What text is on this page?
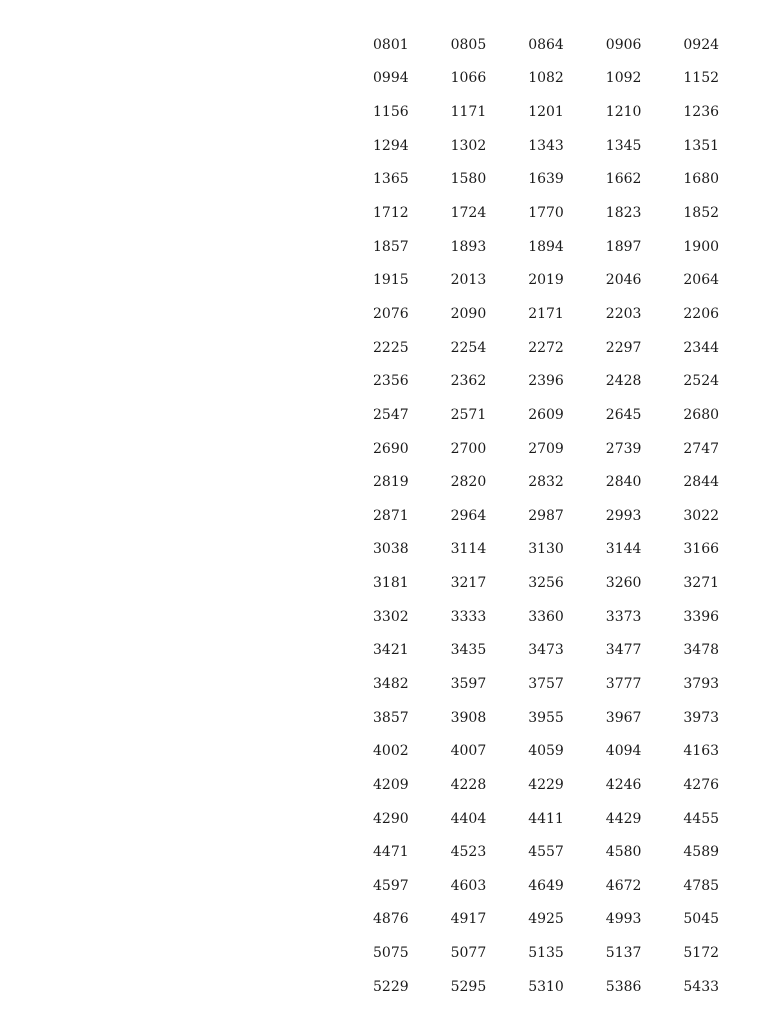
0801	0805	0864	0906	0924
0994	1066	1082	1092	1152
1156	1171	1201	1210	1236
1294	1302	1343	1345	1351
1365	1580	1639	1662	1680
1712	1724	1770	1823	1852
1857	1893	1894	1897	1900
1915	2013	2019	2046	2064
2076	2090	2171	2203	2206
2225	2254	2272	2297	2344
2356	2362	2396	2428	2524
2547	2571	2609	2645	2680
2690	2700	2709	2739	2747
2819	2820	2832	2840	2844
2871	2964	2987	2993	3022
3038	3114	3130	3144	3166
3181	3217	3256	3260	3271
3302	3333	3360	3373	3396
3421	3435	3473	3477	3478
3482	3597	3757	3777	3793
3857	3908	3955	3967	3973
4002	4007	4059	4094	4163
4209	4228	4229	4246	4276
4290	4404	4411	4429	4455
4471	4523	4557	4580	4589
4597	4603	4649	4672	4785
4876	4917	4925	4993	5045
5075	5077	5135	5137	5172
5229	5295	5310	5386	5433
